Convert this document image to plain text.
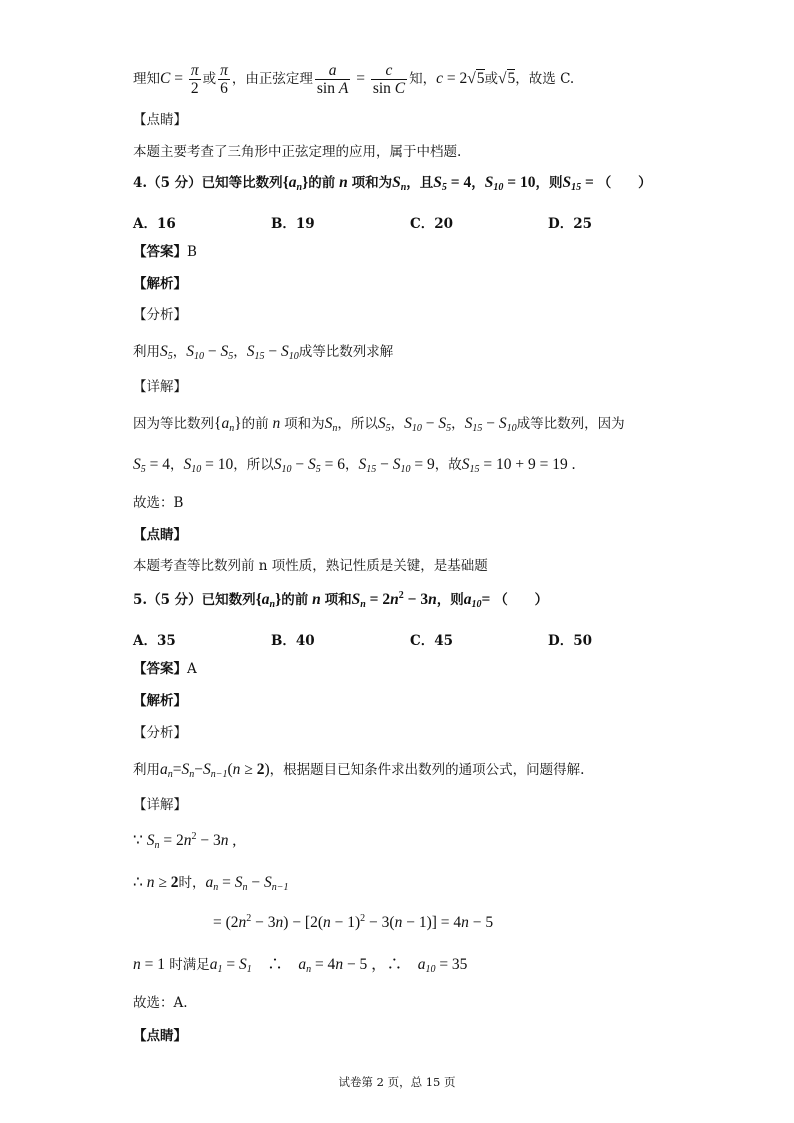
理知$C = \frac{\pi}{2}$ 或 $\frac{\pi}{6}$ ，由正弦定理 $\frac{a}{\text{sin A}} = \frac{c}{\text{sin C}}$ 知，c = 2√5或√5，故选 C.
【点睛】
本题主要考查了三角形中正弦定理的应用，属于中档题.
4.（5 分）已知等比数列$\{a_n\}$的前 n 项和为$S_n$，且$S_5 = 4$，$S_{10} = 10$，则$S_{15}$ = （　　）
A．16	B．19	C．20	D．25
【答案】B
【解析】
【分析】
利用$S_5$，$S_{10} - S_5$，$S_{15} - S_{10}$成等比数列求解
【详解】
因为等比数列$\{a_n\}$的前 n 项和为$S_n$，所以$S_5$，$S_{10} - S_5$，$S_{15} - S_{10}$成等比数列，因为
$S_5 = 4$，$S_{10} = 10$，所以$S_{10} - S_5 = 6$，$S_{15} - S_{10} = 9$，故$S_{15} = 10 + 9 = 19$ .
故选：B
【点睛】
本题考查等比数列前 n 项性质，熟记性质是关键，是基础题
5.（5 分）已知数列$\{a_n\}$的前 n 项和$S_n = 2n^2 - 3n$，则$a_{10}=$ （　　）
A．35	B．40	C．45	D．50
【答案】A
【解析】
【分析】
利用$a_n=S_n-S_{n-1}(n \ge 2)$，根据题目已知条件求出数列的通项公式，问题得解.
【详解】
∵ $S_n = 2n^2 - 3n$ ,
∴ n ≥ 2时，$a_n = S_n - S_{n-1}$
= $(2n^2 - 3n) - [2(n - 1)^2 - 3(n - 1)] = 4n - 5$
n = 1 时满足$a_1 = S_1$　∴　$a_n = 4n - 5$ ，∴　$a_{10} = 35$
故选：A.
【点睛】
试卷第 2 页，总 15 页
